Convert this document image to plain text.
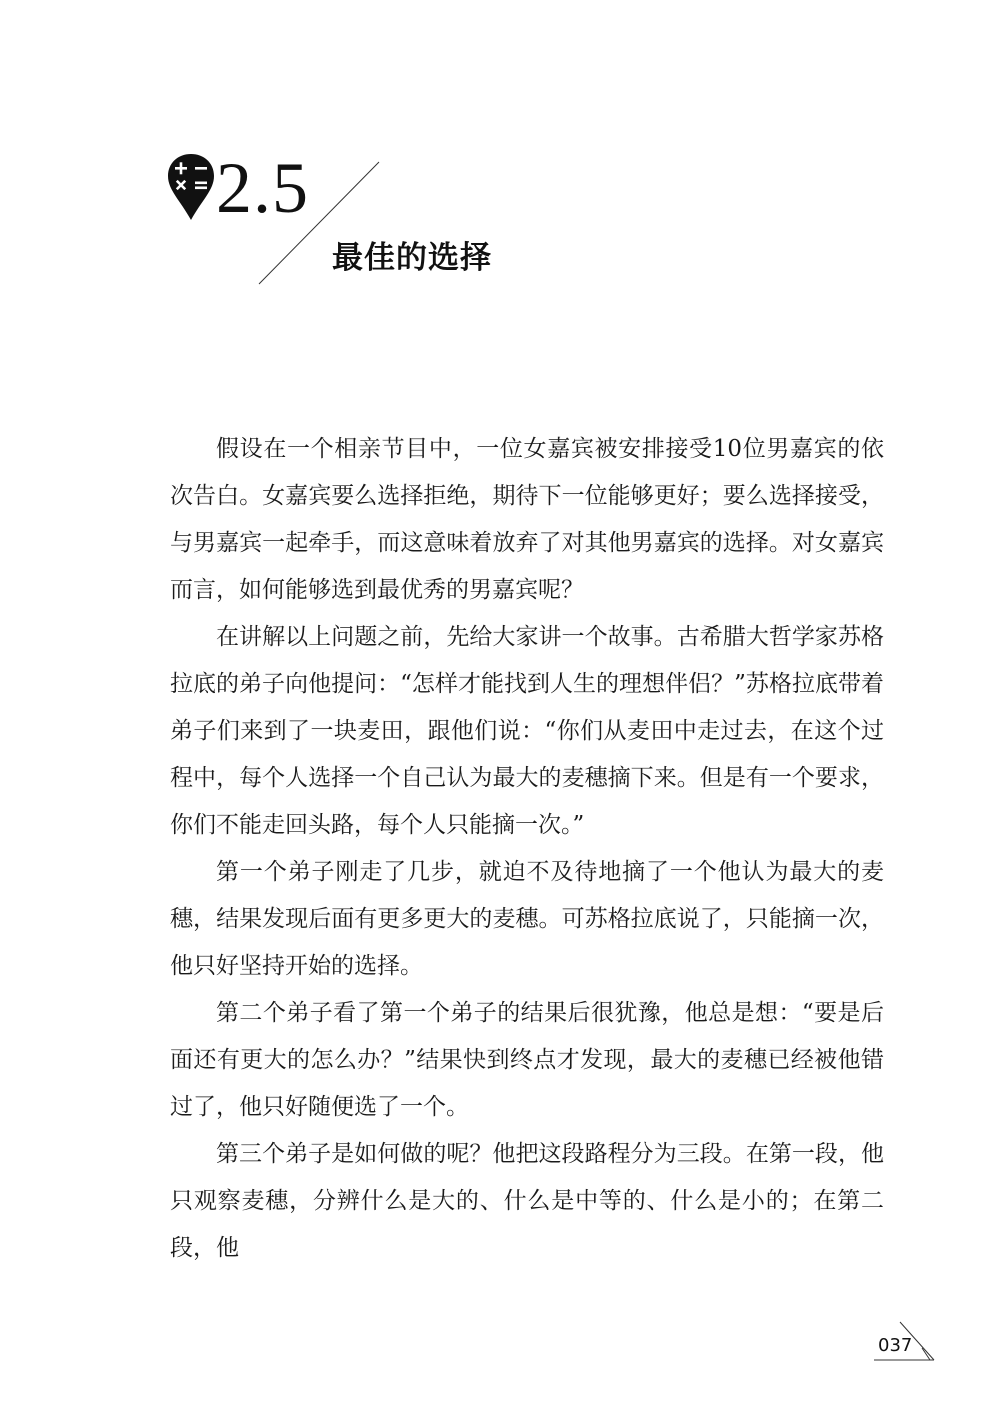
2.5
最佳的选择

假设在一个相亲节目中，一位女嘉宾被安排接受10位男嘉宾的依次告白。女嘉宾要么选择拒绝，期待下一位能够更好；要么选择接受，与男嘉宾一起牵手，而这意味着放弃了对其他男嘉宾的选择。对女嘉宾而言，如何能够选到最优秀的男嘉宾呢？

在讲解以上问题之前，先给大家讲一个故事。古希腊大哲学家苏格拉底的弟子向他提问：“怎样才能找到人生的理想伴侣？”苏格拉底带着弟子们来到了一块麦田，跟他们说：“你们从麦田中走过去，在这个过程中，每个人选择一个自己认为最大的麦穗摘下来。但是有一个要求，你们不能走回头路，每个人只能摘一次。”

第一个弟子刚走了几步，就迫不及待地摘了一个他认为最大的麦穗，结果发现后面有更多更大的麦穗。可苏格拉底说了，只能摘一次，他只好坚持开始的选择。

第二个弟子看了第一个弟子的结果后很犹豫，他总是想：“要是后面还有更大的怎么办？”结果快到终点才发现，最大的麦穗已经被他错过了，他只好随便选了一个。

第三个弟子是如何做的呢？他把这段路程分为三段。在第一段，他只观察麦穗，分辨什么是大的、什么是中等的、什么是小的；在第二段，他

037
